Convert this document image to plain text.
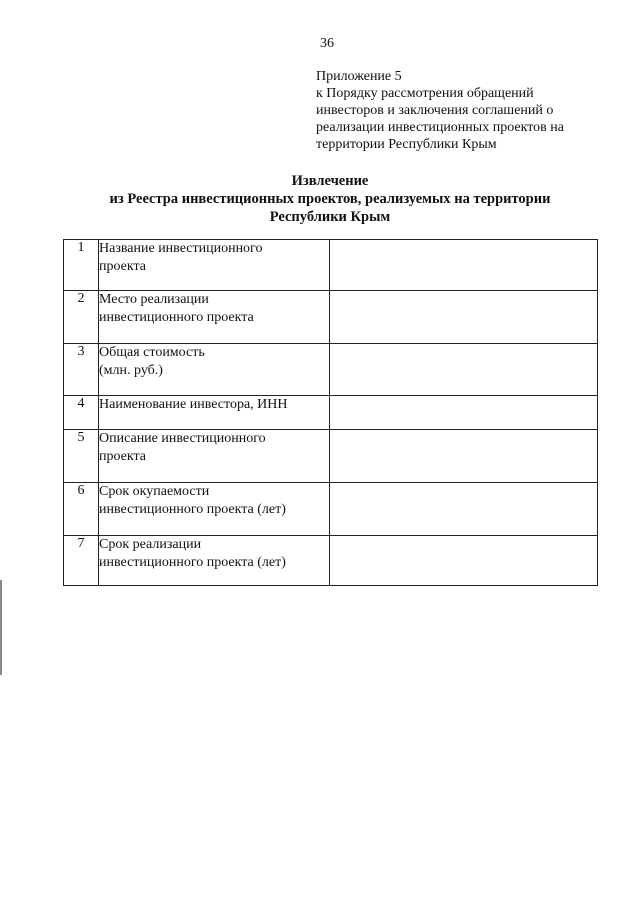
36
Приложение 5
к Порядку рассмотрения обращений
инвесторов и заключения соглашений о
реализации инвестиционных проектов на
территории Республики Крым
Извлечение
из Реестра инвестиционных проектов, реализуемых на территории
Республики Крым
1	Название инвестиционного
проекта	

2	Место реализации
инвестиционного проекта	

3	Общая стоимость
(млн. руб.)	

4	Наименование инвестора, ИНН	

5	Описание инвестиционного
проекта	

6	Срок окупаемости
инвестиционного проекта (лет)	

7	Срок реализации
инвестиционного проекта (лет)	
